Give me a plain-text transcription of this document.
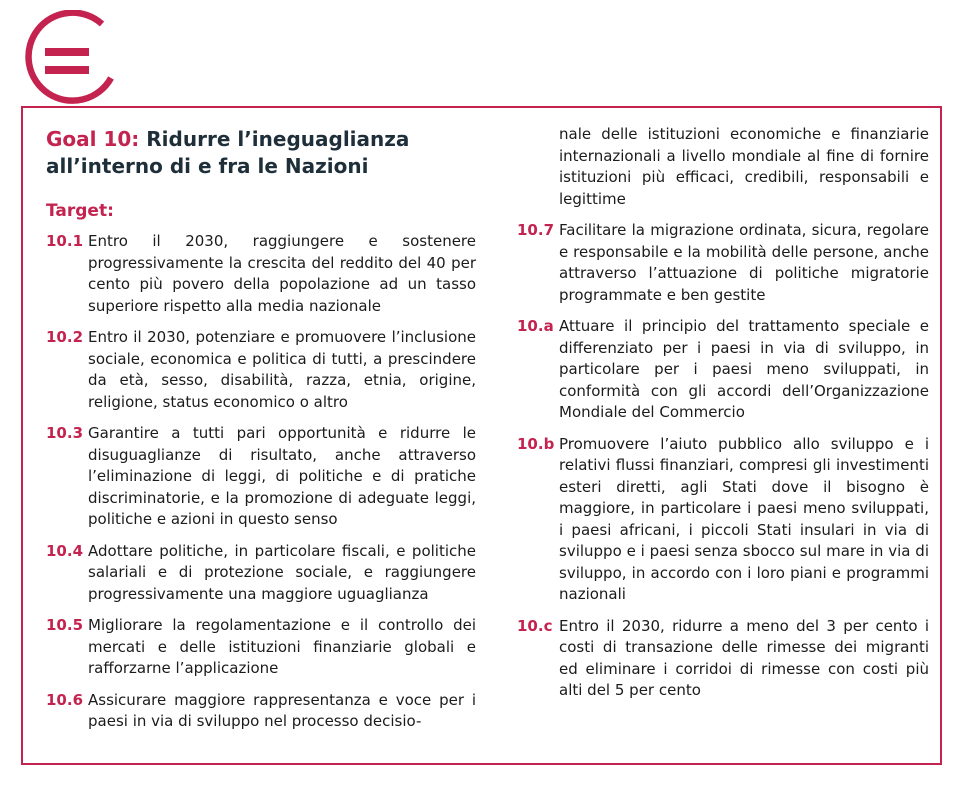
Goal 10: Ridurre l’ineguaglianza
all’interno di e fra le Nazioni
Target:
10.1 Entro il 2030, raggiungere e sostenere progressivamente la crescita del reddito del 40 per cento più povero della popolazione ad un tasso superiore rispetto alla media nazionale
10.2 Entro il 2030, potenziare e promuovere l’inclusione sociale, economica e politica di tutti, a prescindere da età, sesso, disabilità, razza, etnia, origine, religione, status economico o altro
10.3 Garantire a tutti pari opportunità e ridurre le disuguaglianze di risultato, anche attraverso l’eliminazione di leggi, di politiche e di pratiche discriminatorie, e la promozione di adeguate leggi, politiche e azioni in questo senso
10.4 Adottare politiche, in particolare fiscali, e politiche salariali e di protezione sociale, e raggiungere progressivamente una maggiore uguaglianza
10.5 Migliorare la regolamentazione e il controllo dei mercati e delle istituzioni finanziarie globali e rafforzarne l’applicazione
10.6 Assicurare maggiore rappresentanza e voce per i paesi in via di sviluppo nel processo decisio-
nale delle istituzioni economiche e finanziarie internazionali a livello mondiale al fine di fornire istituzioni più efficaci, credibili, responsabili e legittime
10.7 Facilitare la migrazione ordinata, sicura, regolare e responsabile e la mobilità delle persone, anche attraverso l’attuazione di politiche migratorie programmate e ben gestite
10.a Attuare il principio del trattamento speciale e differenziato per i paesi in via di sviluppo, in particolare per i paesi meno sviluppati, in conformità con gli accordi dell’Organizzazione Mondiale del Commercio
10.b Promuovere l’aiuto pubblico allo sviluppo e i relativi flussi finanziari, compresi gli investimenti esteri diretti, agli Stati dove il bisogno è maggiore, in particolare i paesi meno sviluppati, i paesi africani, i piccoli Stati insulari in via di sviluppo e i paesi senza sbocco sul mare in via di sviluppo, in accordo con i loro piani e programmi nazionali
10.c Entro il 2030, ridurre a meno del 3 per cento i costi di transazione delle rimesse dei migranti ed eliminare i corridoi di rimesse con costi più alti del 5 per cento
